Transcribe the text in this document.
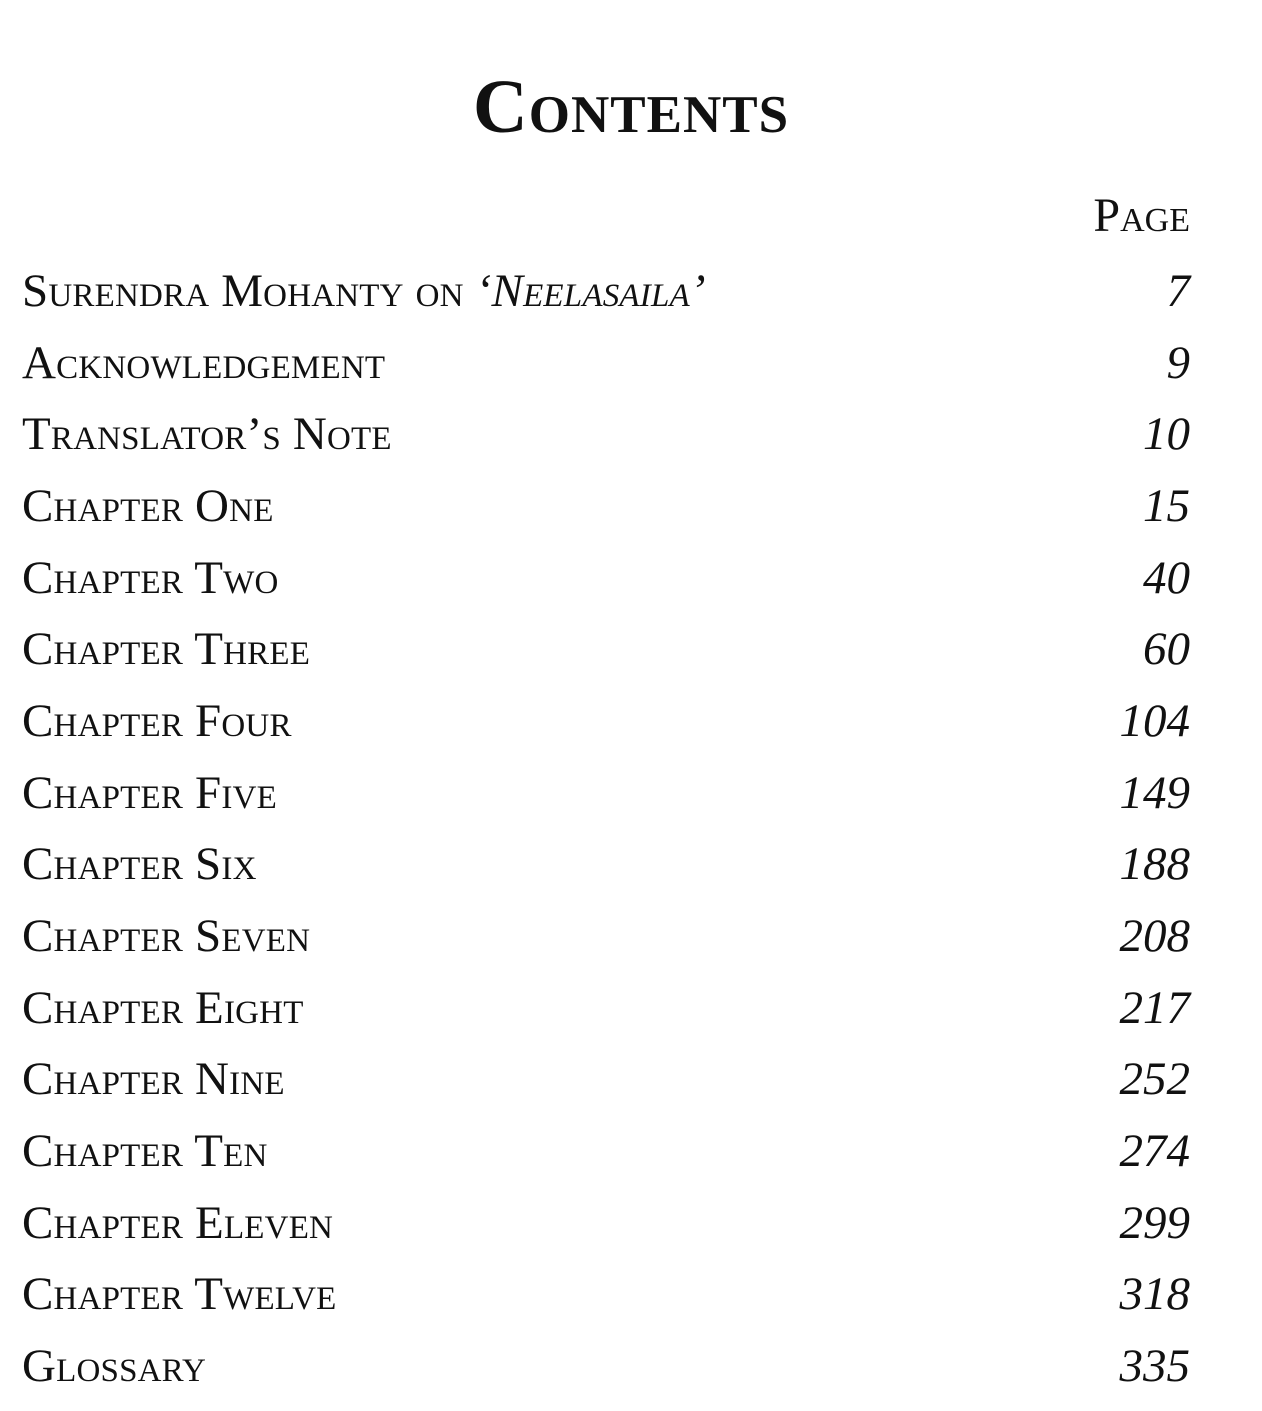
Contents
Page
Surendra Mohanty on ‘Neelasaila’	7
Acknowledgement	9
Translator’s Note	10
Chapter One	15
Chapter Two	40
Chapter Three	60
Chapter Four	104
Chapter Five	149
Chapter Six	188
Chapter Seven	208
Chapter Eight	217
Chapter Nine	252
Chapter Ten	274
Chapter Eleven	299
Chapter Twelve	318
Glossary	335
